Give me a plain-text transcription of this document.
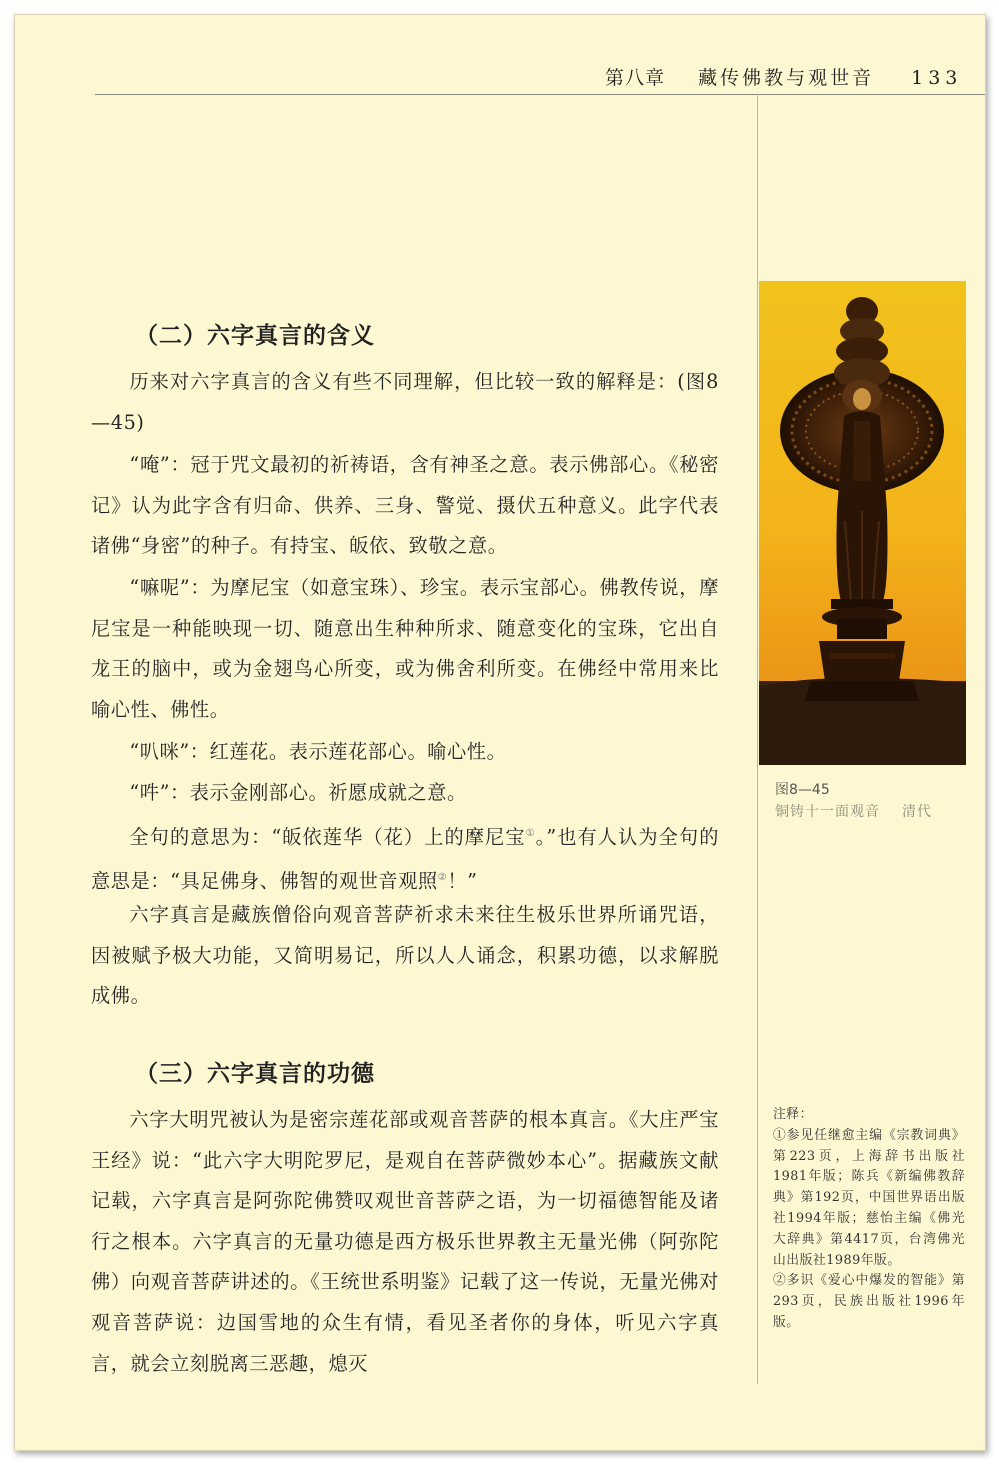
第八章 藏传佛教与观世音 133
（二）六字真言的含义
历来对六字真言的含义有些不同理解，但比较一致的解释是：(图8—45)
“唵”：冠于咒文最初的祈祷语，含有神圣之意。表示佛部心。《秘密记》认为此字含有归命、供养、三身、警觉、摄伏五种意义。此字代表诸佛“身密”的种子。有持宝、皈依、致敬之意。
“嘛呢”：为摩尼宝（如意宝珠）、珍宝。表示宝部心。佛教传说，摩尼宝是一种能映现一切、随意出生种种所求、随意变化的宝珠，它出自龙王的脑中，或为金翅鸟心所变，或为佛舍利所变。在佛经中常用来比喻心性、佛性。
“叭咪”：红莲花。表示莲花部心。喻心性。
“吽”：表示金刚部心。祈愿成就之意。
全句的意思为：“皈依莲华（花）上的摩尼宝①。”也有人认为全句的意思是：“具足佛身、佛智的观世音观照②！”
六字真言是藏族僧俗向观音菩萨祈求未来往生极乐世界所诵咒语，因被赋予极大功能，又简明易记，所以人人诵念，积累功德，以求解脱成佛。
（三）六字真言的功德
六字大明咒被认为是密宗莲花部或观音菩萨的根本真言。《大庄严宝王经》说：“此六字大明陀罗尼，是观自在菩萨微妙本心”。据藏族文献记载，六字真言是阿弥陀佛赞叹观世音菩萨之语，为一切福德智能及诸行之根本。六字真言的无量功德是西方极乐世界教主无量光佛（阿弥陀佛）向观音菩萨讲述的。《王统世系明鉴》记载了这一传说，无量光佛对观音菩萨说：边国雪地的众生有情，看见圣者你的身体，听见六字真言，就会立刻脱离三恶趣，熄灭
图8—45
铜铸十一面观音 清代
注释：

①参见任继愈主编《宗教词典》第223页，上海辞书出版社1981年版；陈兵《新编佛教辞典》第192页，中国世界语出版社1994年版；慈怡主编《佛光大辞典》第4417页，台湾佛光山出版社1989年版。

②多识《爱心中爆发的智能》第293页，民族出版社1996年版。
